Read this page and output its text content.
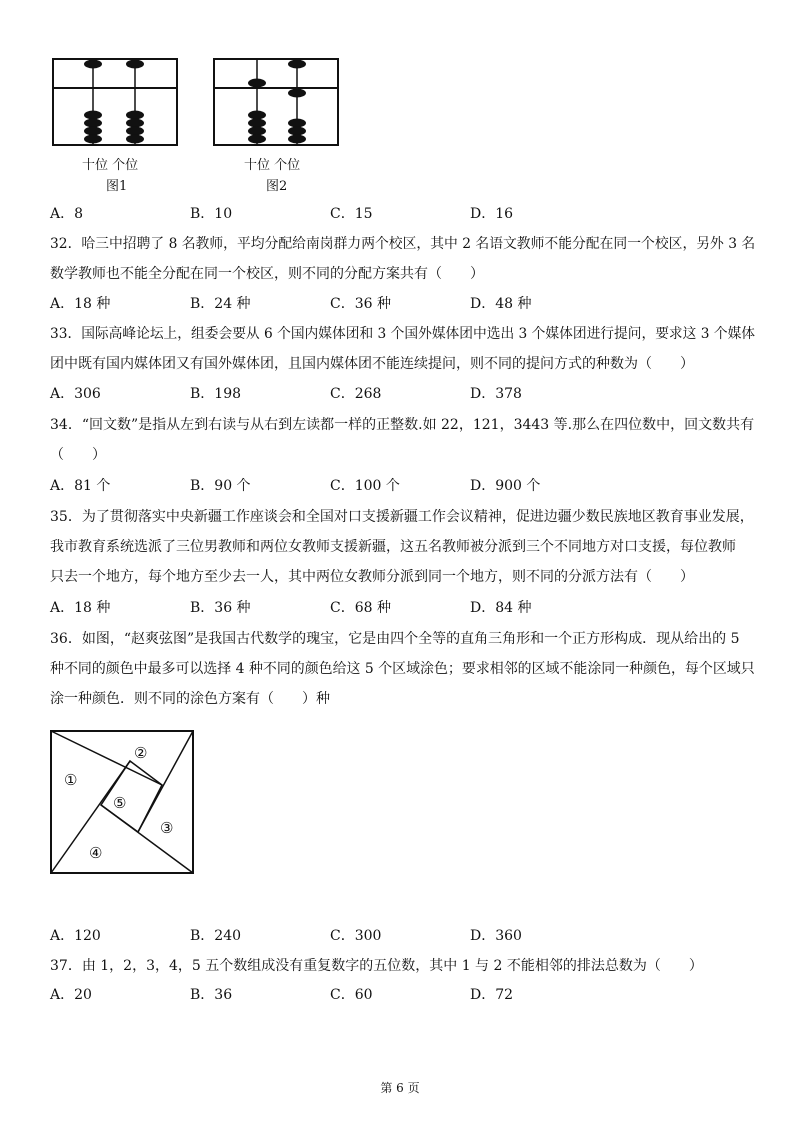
十位 个位
图1
十位 个位
图2
A．8	B．10	C．15	D．16
32．哈三中招聘了 8 名教师，平均分配给南岗群力两个校区，其中 2 名语文教师不能分配在同一个校区，另外 3 名
数学教师也不能全分配在同一个校区，则不同的分配方案共有（　　）
A．18 种	B．24 种	C．36 种	D．48 种
33．国际高峰论坛上，组委会要从 6 个国内媒体团和 3 个国外媒体团中选出 3 个媒体团进行提问，要求这 3 个媒体
团中既有国内媒体团又有国外媒体团，且国内媒体团不能连续提问，则不同的提问方式的种数为（　　）
A．306	B．198	C．268	D．378
34．“回文数”是指从左到右读与从右到左读都一样的正整数.如 22，121，3443 等.那么在四位数中，回文数共有
（　　）
A．81 个	B．90 个	C．100 个	D．900 个
35．为了贯彻落实中央新疆工作座谈会和全国对口支援新疆工作会议精神，促进边疆少数民族地区教育事业发展，
我市教育系统选派了三位男教师和两位女教师支援新疆，这五名教师被分派到三个不同地方对口支援，每位教师
只去一个地方，每个地方至少去一人，其中两位女教师分派到同一个地方，则不同的分派方法有（　　）
A．18 种	B．36 种	C．68 种	D．84 种
36．如图，“赵爽弦图”是我国古代数学的瑰宝，它是由四个全等的直角三角形和一个正方形构成．现从给出的 5
种不同的颜色中最多可以选择 4 种不同的颜色给这 5 个区域涂色；要求相邻的区域不能涂同一种颜色，每个区域只
涂一种颜色．则不同的涂色方案有（　　）种
①
②
③
④
⑤
A．120	B．240	C．300	D．360
37．由 1，2，3，4，5 五个数组成没有重复数字的五位数，其中 1 与 2 不能相邻的排法总数为（　　）
A．20	B．36	C．60	D．72
第 6 页
